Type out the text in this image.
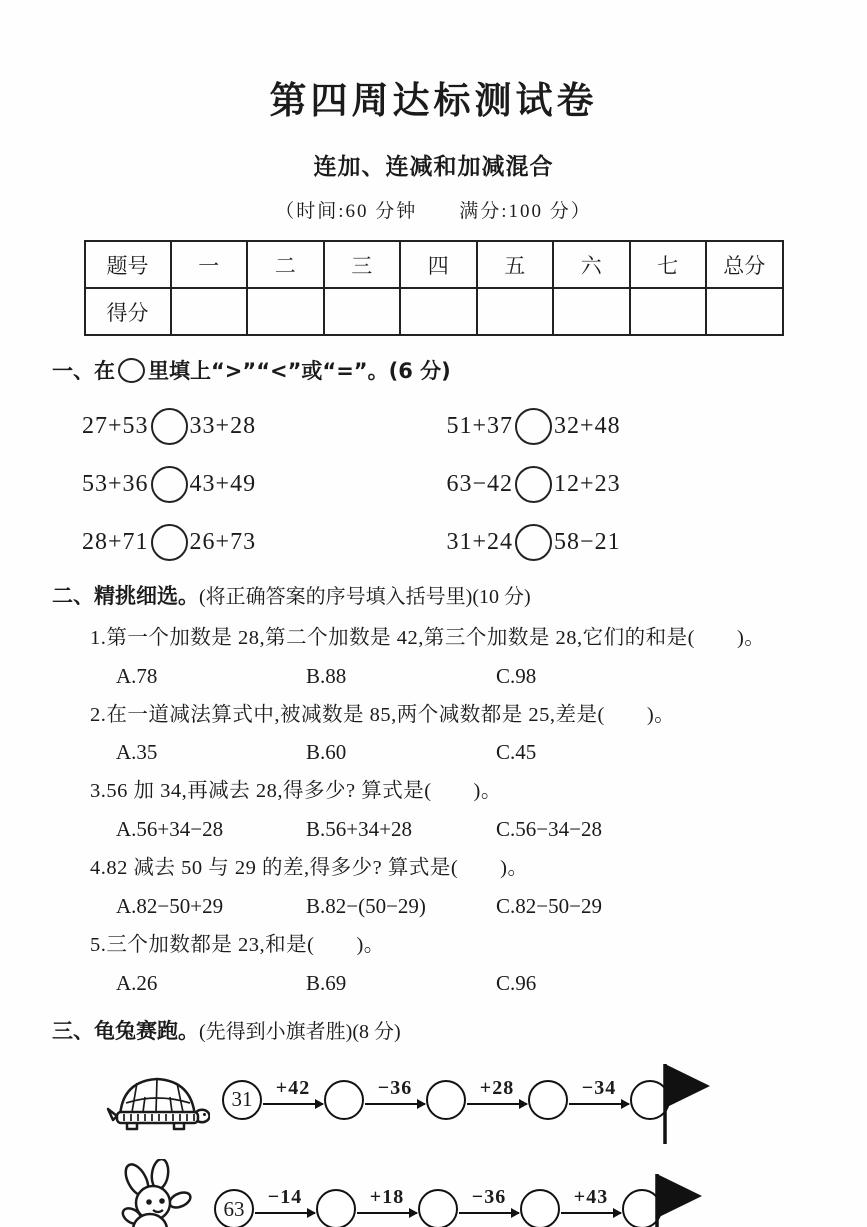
第四周达标测试卷
连加、连减和加减混合
（时间:60 分钟　　满分:100 分）
题号	一	二	三	四	五	六	七	总分
得分								
一、在 里填上“>”“<”或“=”。(6 分)
27+53 33+28	51+37 32+48
53+36 43+49	63−42 12+23
28+71 26+73	31+24 58−21
二、精挑细选。(将正确答案的序号填入括号里)(10 分)
1.第一个加数是 28,第二个加数是 42,第三个加数是 28,它们的和是(　　)。
A.78	B.88	C.98
2.在一道减法算式中,被减数是 85,两个减数都是 25,差是(　　)。
A.35	B.60	C.45
3.56 加 34,再减去 28,得多少? 算式是(　　)。
A.56+34−28	B.56+34+28	C.56−34−28
4.82 减去 50 与 29 的差,得多少? 算式是(　　)。
A.82−50+29	B.82−(50−29)	C.82−50−29
5.三个加数都是 23,和是(　　)。
A.26	B.69	C.96
三、龟兔赛跑。(先得到小旗者胜)(8 分)
31	+42	−36	+28	−34
63	−14	+18	−36	+43
